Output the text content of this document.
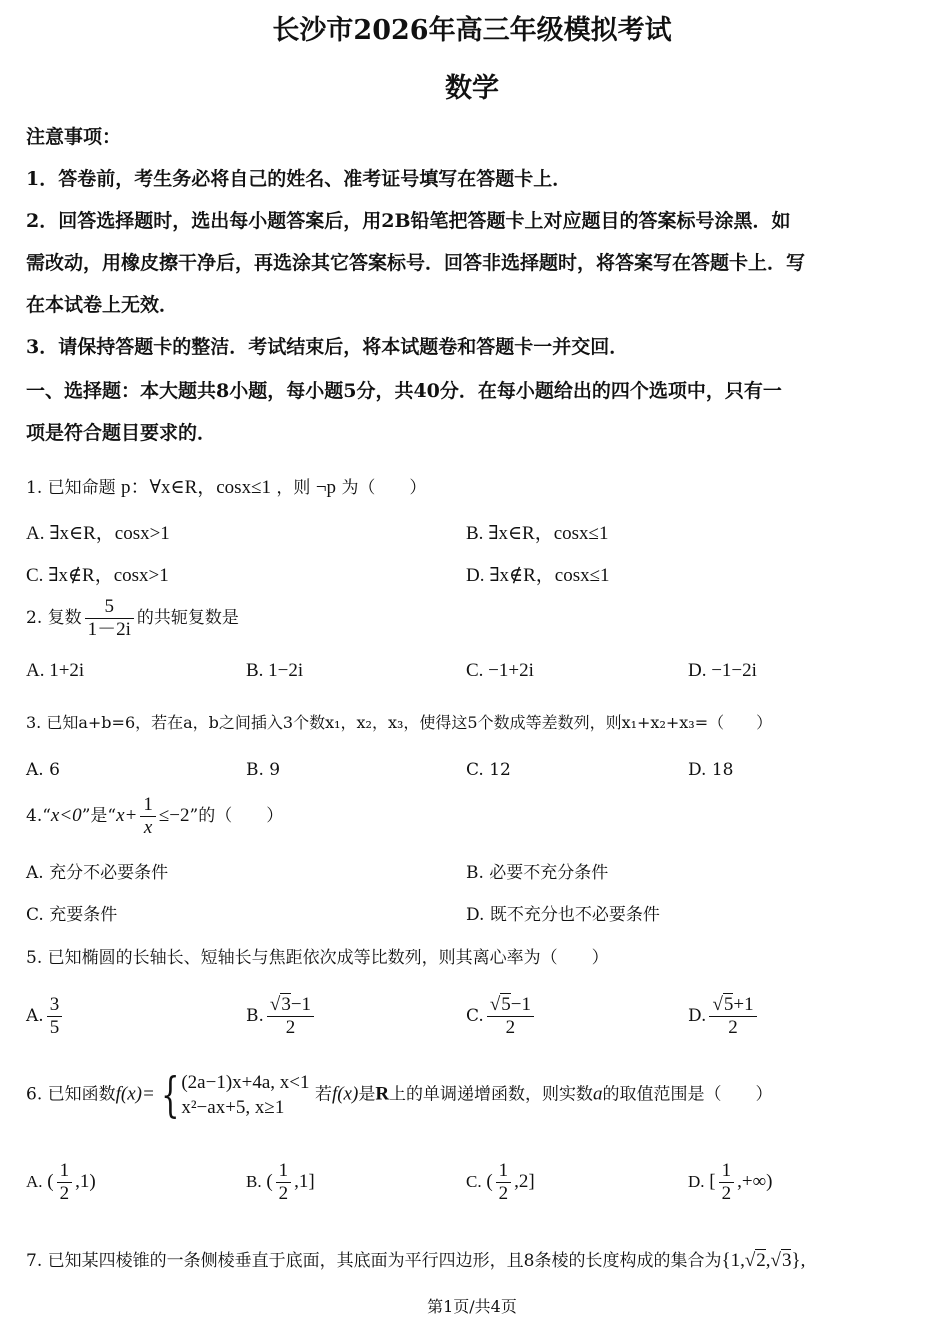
长沙市2026年高三年级模拟考试
数学
注意事项：
1．答卷前，考生务必将自己的姓名、准考证号填写在答题卡上．
2．回答选择题时，选出每小题答案后，用2B铅笔把答题卡上对应题目的答案标号涂黑．如
需改动，用橡皮擦干净后，再选涂其它答案标号．回答非选择题时，将答案写在答题卡上．写
在本试卷上无效．
3．请保持答题卡的整洁．考试结束后，将本试题卷和答题卡一并交回．
一、选择题：本大题共8小题，每小题5分，共40分．在每小题给出的四个选项中，只有一
项是符合题目要求的．
1. 已知命题 p：∀x∈R，cosx≤1 ，则 ¬p 为（　　）
A. ∃x∈R，cosx>1	B. ∃x∈R，cosx≤1
C. ∃x∉R，cosx>1	D. ∃x∉R，cosx≤1
2. 复数 $\frac{5}{1-2i}$ 的共轭复数是
A. 1+2i	B. 1−2i	C. −1+2i	D. −1−2i
3. 已知a+b=6，若在a，b之间插入3个数x₁，x₂，x₃，使得这5个数成等差数列，则x₁+x₂+x₃=（　　）
A. 6	B. 9	C. 12	D. 18
4.“x<0”是“$x+ \frac{1}{x} \le-2$”的（　　）
A. 充分不必要条件	B. 必要不充分条件
C. 充要条件	D. 既不充分也不必要条件
5. 已知椭圆的长轴长、短轴长与焦距依次成等比数列，则其离心率为（　　）
A. $\frac{3}{5}$	B. $\frac{√3-1}{2}$	C. $\frac{√5-1}{2}$	D. $\frac{√5+1}{2}$
6. 已知函数f(x)= { (2a−1)x+4a, x<1
x²−ax+5, x≥1
若f(x)是R上的单调递增函数，则实数a的取值范围是（　　）
A. ( $\frac{1}{2} ,1$)	B. ( $\frac{1}{2} ,1$]	C. ( $\frac{1}{2} ,2$]	D. [ $\frac{1}{2}$ ,+∞)
7. 已知某四棱锥的一条侧棱垂直于底面，其底面为平行四边形，且8条棱的长度构成的集合为{1,√2,√3},
第1页/共4页
